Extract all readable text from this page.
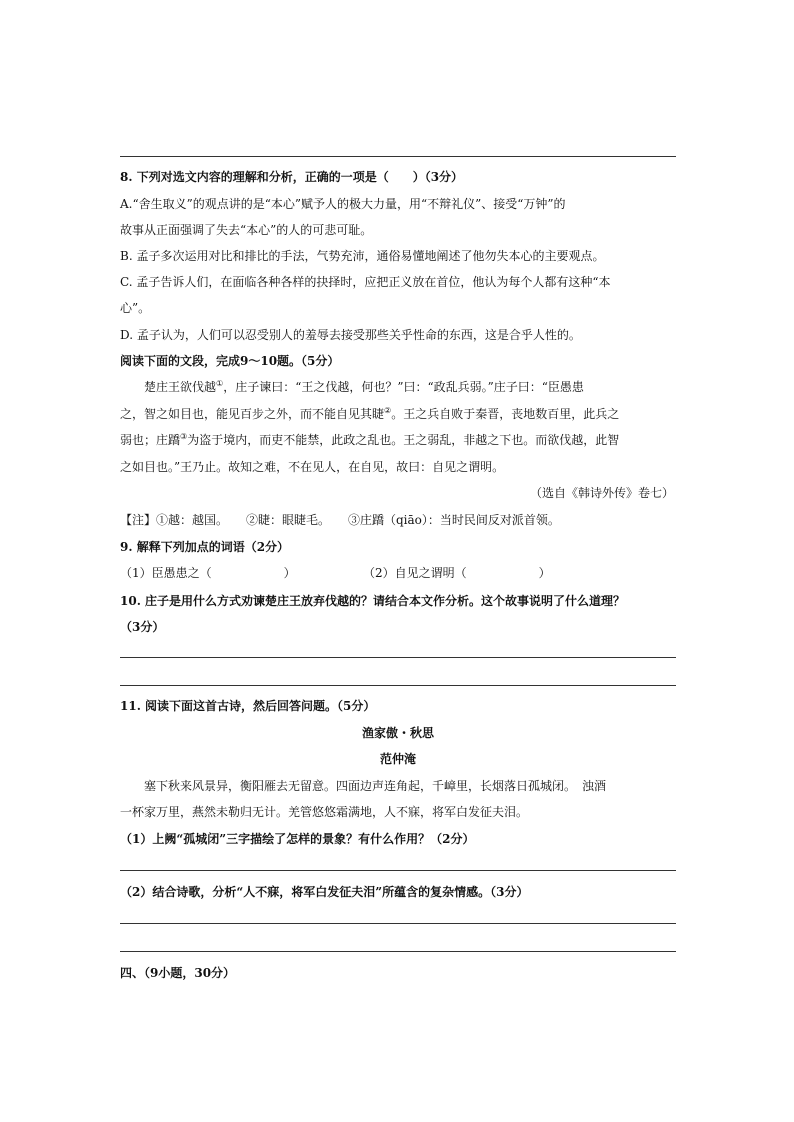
8. 下列对选文内容的理解和分析，正确的一项是（　　）（3分）
A.“舍生取义”的观点讲的是“本心”赋予人的极大力量，用“不辩礼仪”、接受“万钟”的
故事从正面强调了失去“本心”的人的可悲可耻。
B. 孟子多次运用对比和排比的手法，气势充沛，通俗易懂地阐述了他勿失本心的主要观点。
C. 孟子告诉人们，在面临各种各样的抉择时，应把正义放在首位，他认为每个人都有这种“本
心”。
D. 孟子认为，人们可以忍受别人的羞辱去接受那些关乎性命的东西，这是合乎人性的。
阅读下面的文段，完成9～10题。（5分）
楚庄王欲伐越①，庄子谏曰：“王之伐越，何也？”曰：“政乱兵弱。”庄子曰：“臣愚患
之，智之如目也，能见百步之外，而不能自见其睫②。王之兵自败于秦晋，丧地数百里，此兵之
弱也；庄蹻③为盗于境内，而吏不能禁，此政之乱也。王之弱乱，非越之下也。而欲伐越，此智
之如目也。”王乃止。故知之难，不在见人，在自见，故曰：自见之谓明。
（选自《韩诗外传》卷七）
【注】①越：越国。　　②睫：眼睫毛。　　③庄蹻（qiāo）：当时民间反对派首领。
9. 解释下列加点的词语（2分）
（1）臣愚患之（　　　　　　）	（2）自见之谓明（　　　　　　）
10. 庄子是用什么方式劝谏楚庄王放弃伐越的？请结合本文作分析。这个故事说明了什么道理？
（3分）
11. 阅读下面这首古诗，然后回答问题。（5分）
渔家傲・秋思
范仲淹
塞下秋来风景异，衡阳雁去无留意。四面边声连角起，千嶂里，长烟落日孤城闭。　浊酒
一杯家万里，燕然未勒归无计。羌管悠悠霜满地，人不寐，将军白发征夫泪。
（1）上阙“孤城闭”三字描绘了怎样的景象？有什么作用？（2分）
（2）结合诗歌，分析“人不寐，将军白发征夫泪”所蕴含的复杂情感。（3分）
四、（9小题，30分）
